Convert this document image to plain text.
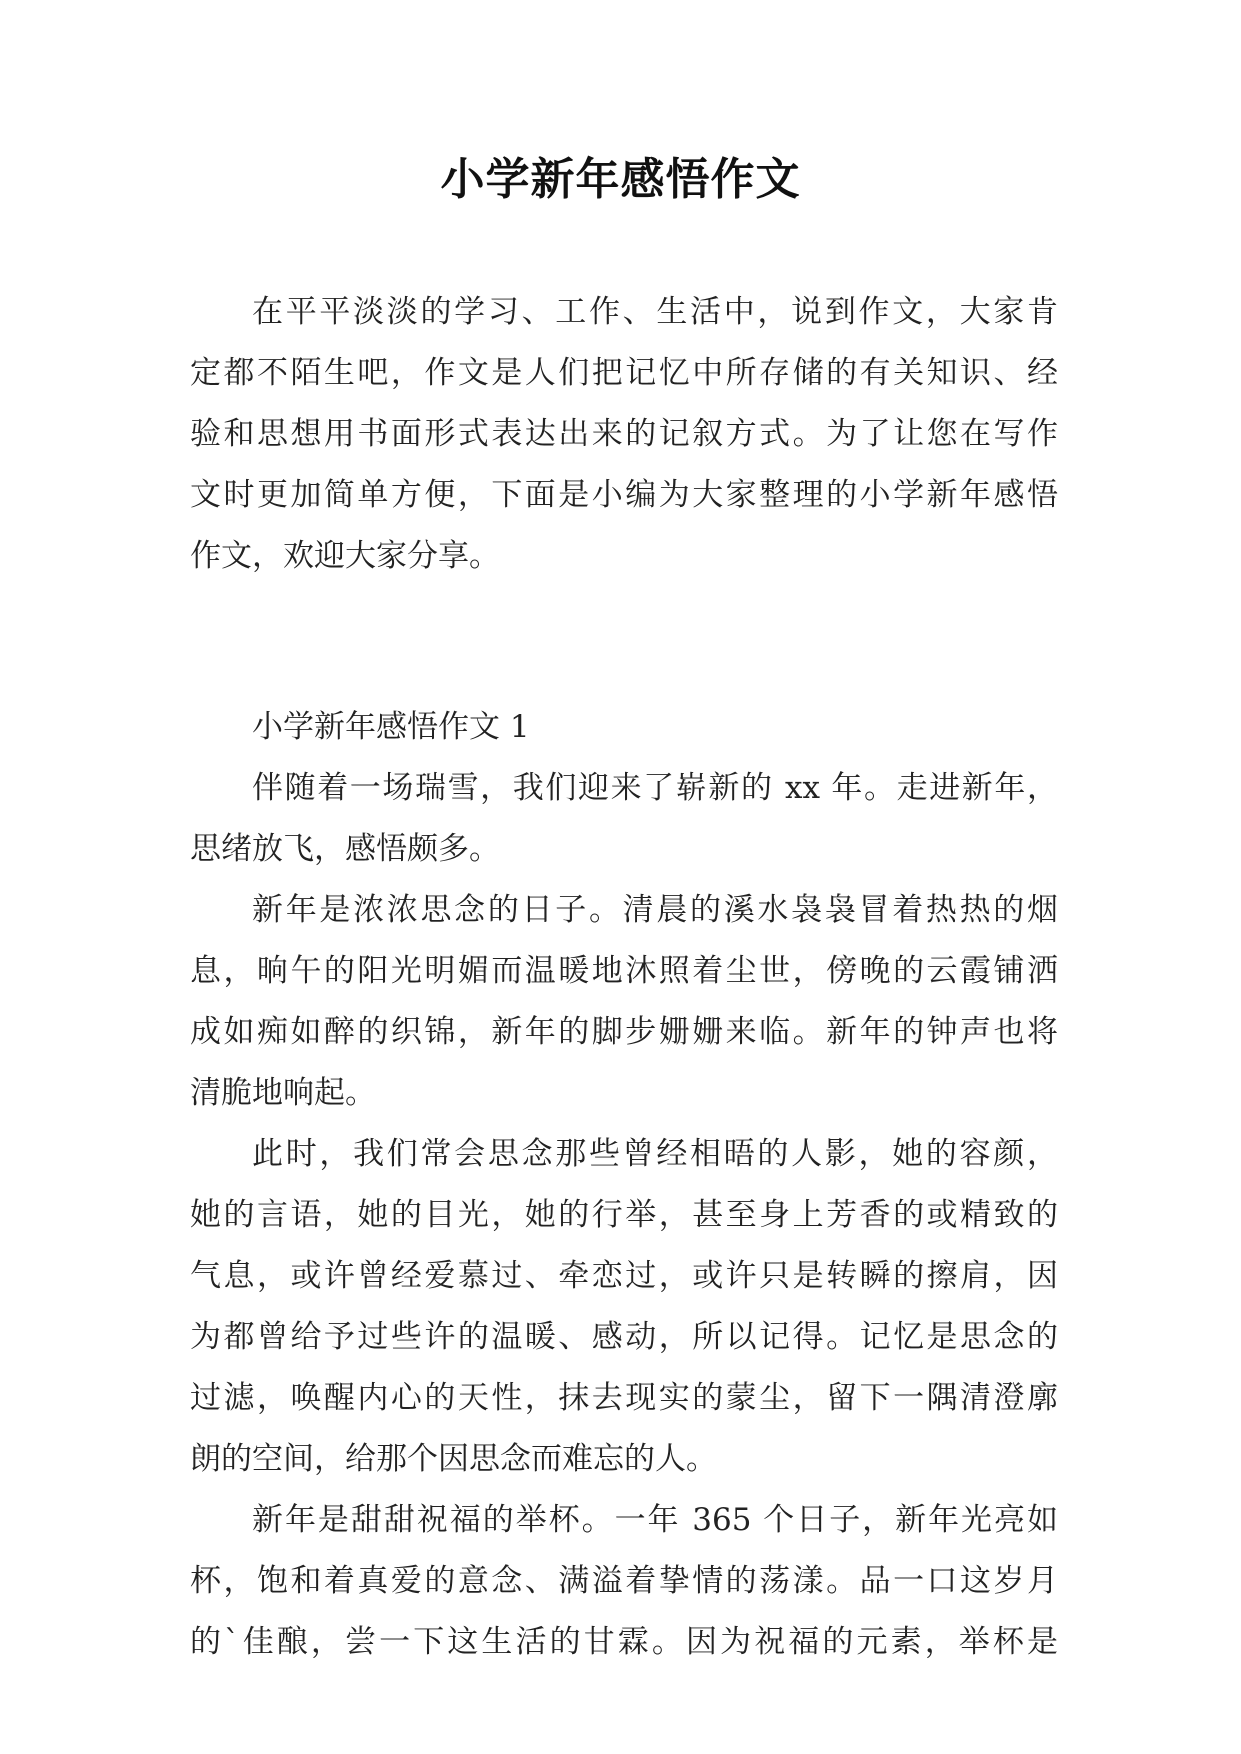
小学新年感悟作文
在平平淡淡的学习、工作、生活中，说到作文，大家肯
定都不陌生吧，作文是人们把记忆中所存储的有关知识、经
验和思想用书面形式表达出来的记叙方式。为了让您在写作
文时更加简单方便，下面是小编为大家整理的小学新年感悟
作文，欢迎大家分享。
小学新年感悟作文 1
伴随着一场瑞雪，我们迎来了崭新的 xx 年。走进新年，
思绪放飞，感悟颇多。
新年是浓浓思念的日子。清晨的溪水袅袅冒着热热的烟
息，晌午的阳光明媚而温暖地沐照着尘世，傍晚的云霞铺洒
成如痴如醉的织锦，新年的脚步姗姗来临。新年的钟声也将
清脆地响起。
此时，我们常会思念那些曾经相晤的人影，她的容颜，
她的言语，她的目光，她的行举，甚至身上芳香的或精致的
气息，或许曾经爱慕过、牵恋过，或许只是转瞬的擦肩，因
为都曾给予过些许的温暖、感动，所以记得。记忆是思念的
过滤，唤醒内心的天性，抹去现实的蒙尘，留下一隅清澄廓
朗的空间，给那个因思念而难忘的人。
新年是甜甜祝福的举杯。一年 365 个日子，新年光亮如
杯，饱和着真爱的意念、满溢着挚情的荡漾。品一口这岁月
的`佳酿，尝一下这生活的甘霖。因为祝福的元素，举杯是
